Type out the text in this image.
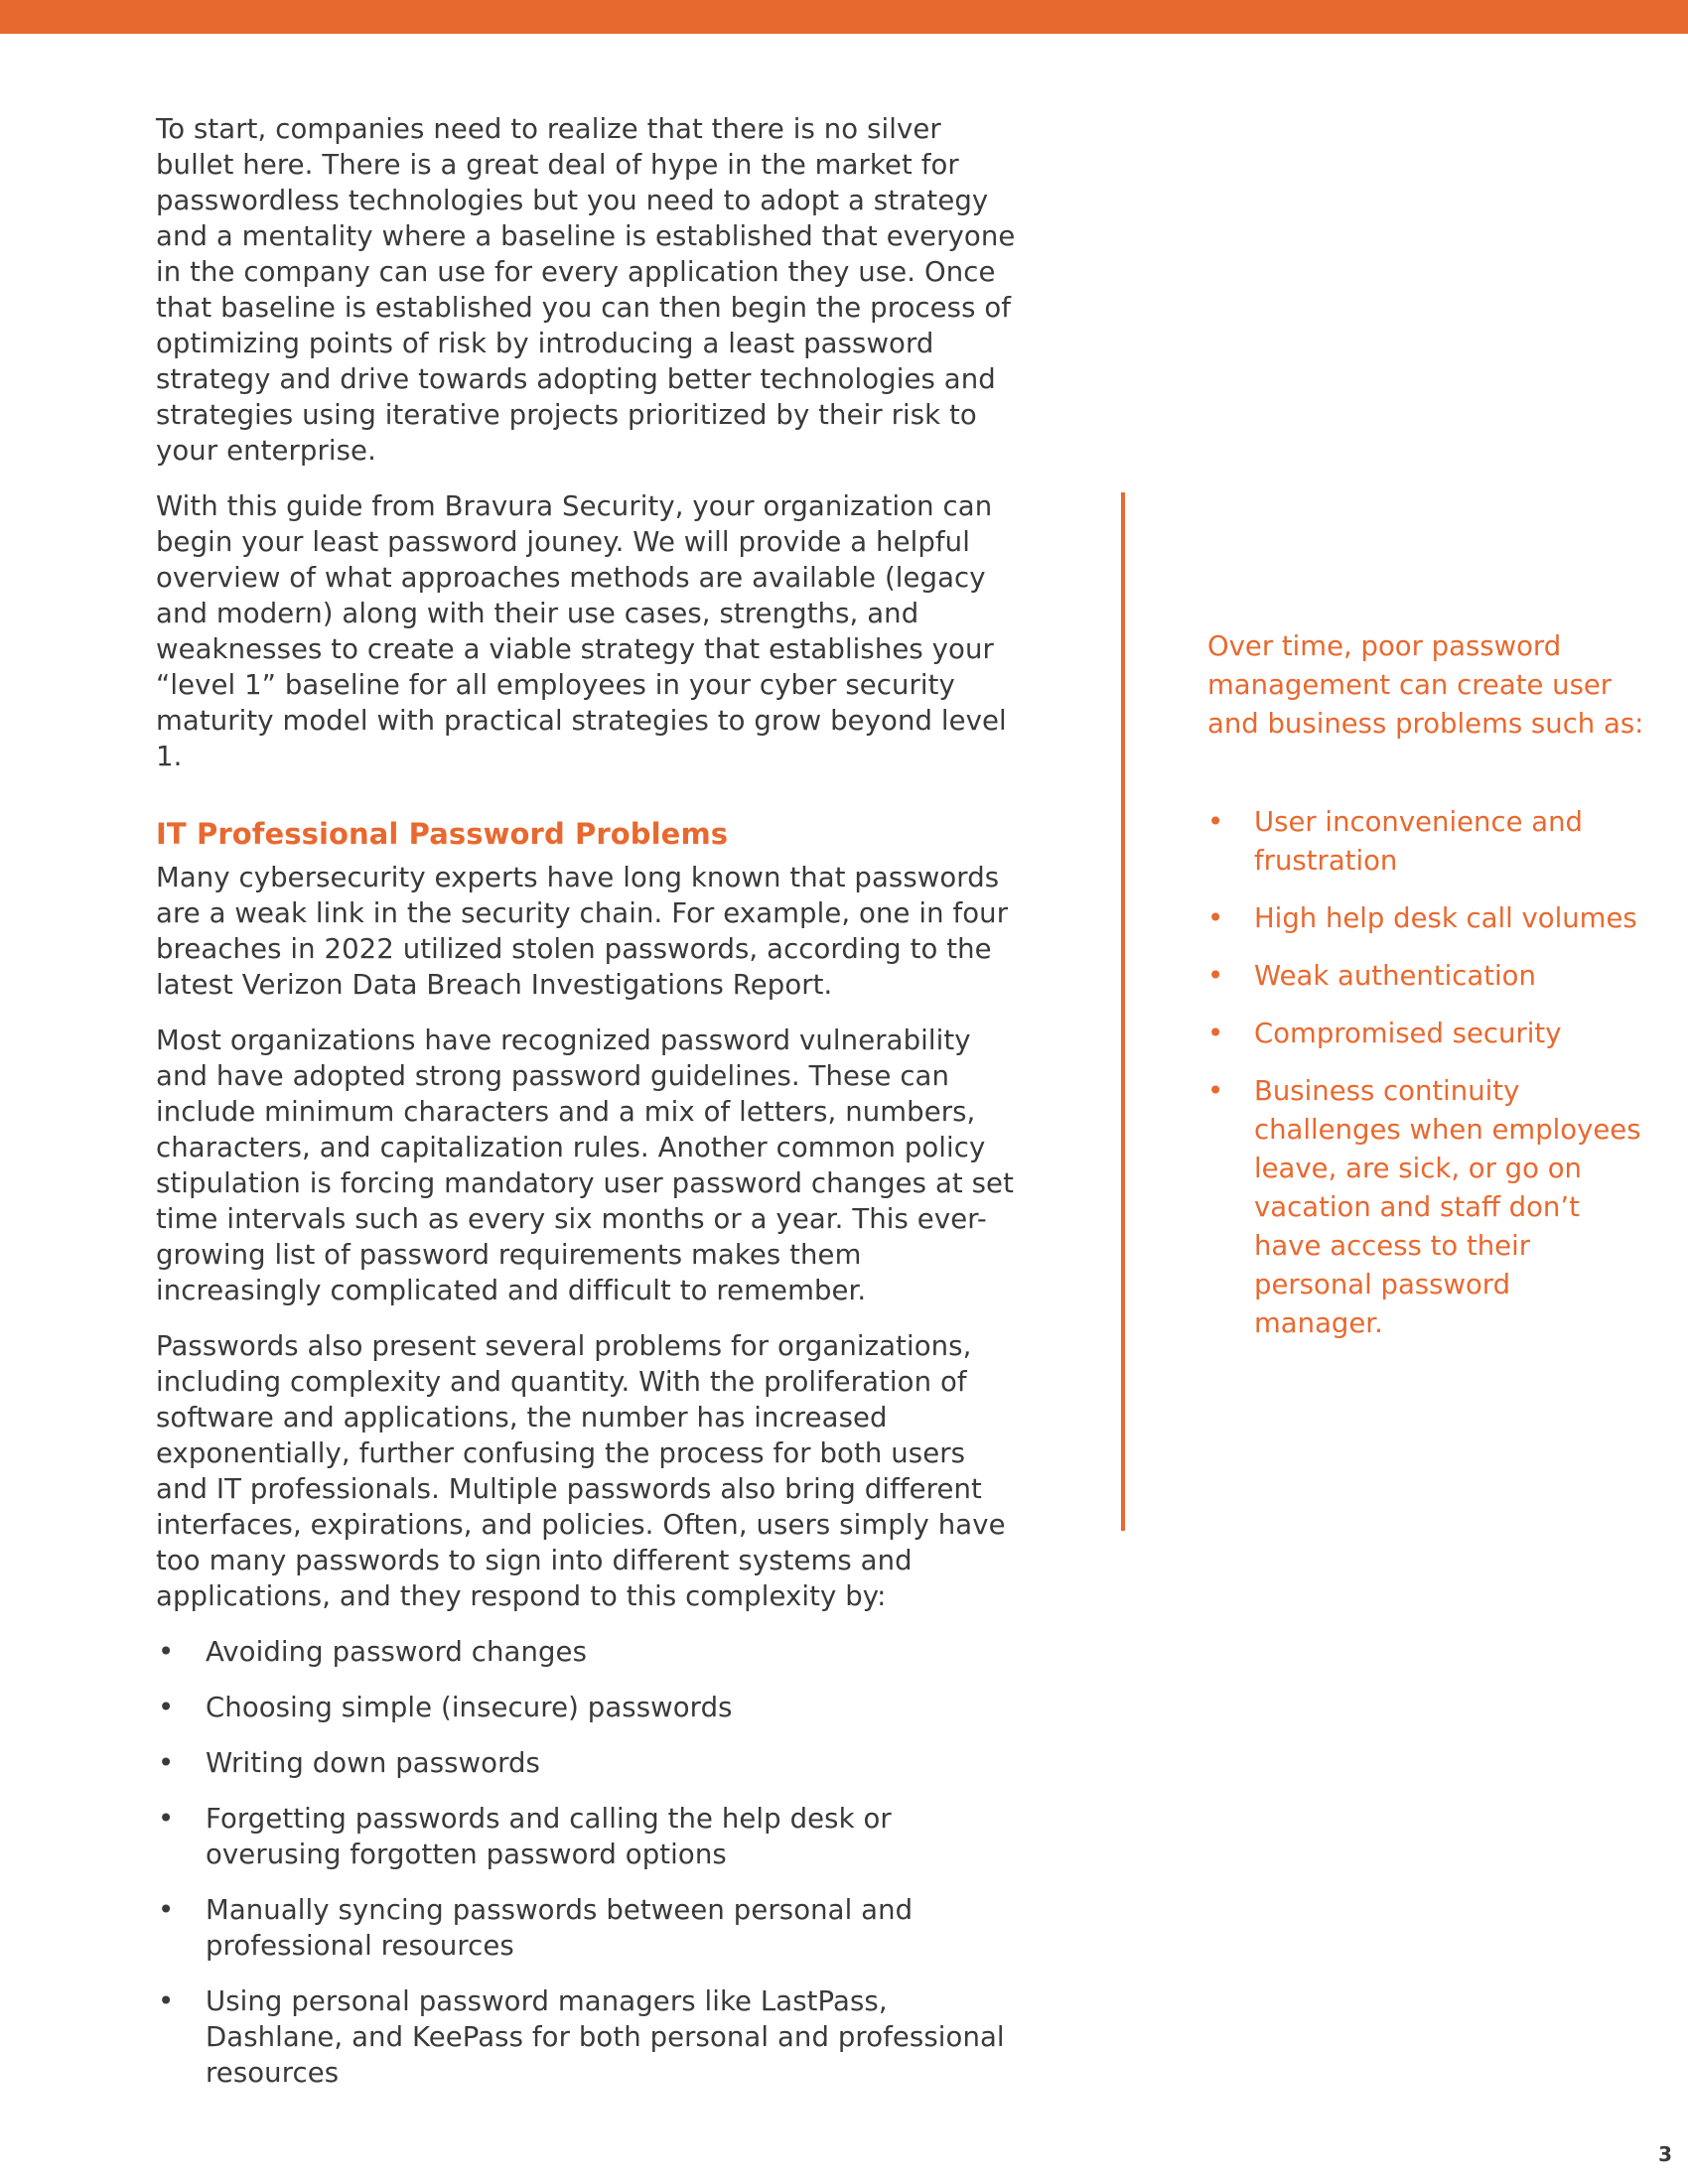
To start, companies need to realize that there is no silver bullet here. There is a great deal of hype in the market for passwordless technologies but you need to adopt a strategy and a mentality where a baseline is established that everyone in the company can use for every application they use. Once that baseline is established you can then begin the process of optimizing points of risk by introducing a least password strategy and drive towards adopting better technologies and strategies using iterative projects prioritized by their risk to your enterprise.

With this guide from Bravura Security, your organization can begin your least password jouney. We will provide a helpful overview of what approaches methods are available (legacy and modern) along with their use cases, strengths, and weaknesses to create a viable strategy that establishes your “level 1” baseline for all employees in your cyber security maturity model with practical strategies to grow beyond level 1.

IT Professional Password Problems

Many cybersecurity experts have long known that passwords are a weak link in the security chain. For example, one in four breaches in 2022 utilized stolen passwords, according to the latest Verizon Data Breach Investigations Report.

Most organizations have recognized password vulnerability and have adopted strong password guidelines. These can include minimum characters and a mix of letters, numbers, characters, and capitalization rules. Another common policy stipulation is forcing mandatory user password changes at set time intervals such as every six months or a year. This ever-growing list of password requirements makes them increasingly complicated and difficult to remember.

Passwords also present several problems for organizations, including complexity and quantity. With the proliferation of software and applications, the number has increased exponentially, further confusing the process for both users and IT professionals. Multiple passwords also bring different interfaces, expirations, and policies. Often, users simply have too many passwords to sign into different systems and applications, and they respond to this complexity by:

• Avoiding password changes
• Choosing simple (insecure) passwords
• Writing down passwords
• Forgetting passwords and calling the help desk or overusing forgotten password options
• Manually syncing passwords between personal and professional resources
• Using personal password managers like LastPass, Dashlane, and KeePass for both personal and professional resources

Over time, poor password management can create user and business problems such as:

• User inconvenience and frustration
• High help desk call volumes
• Weak authentication
• Compromised security
• Business continuity challenges when employees leave, are sick, or go on vacation and staff don’t have access to their personal password manager.
3
